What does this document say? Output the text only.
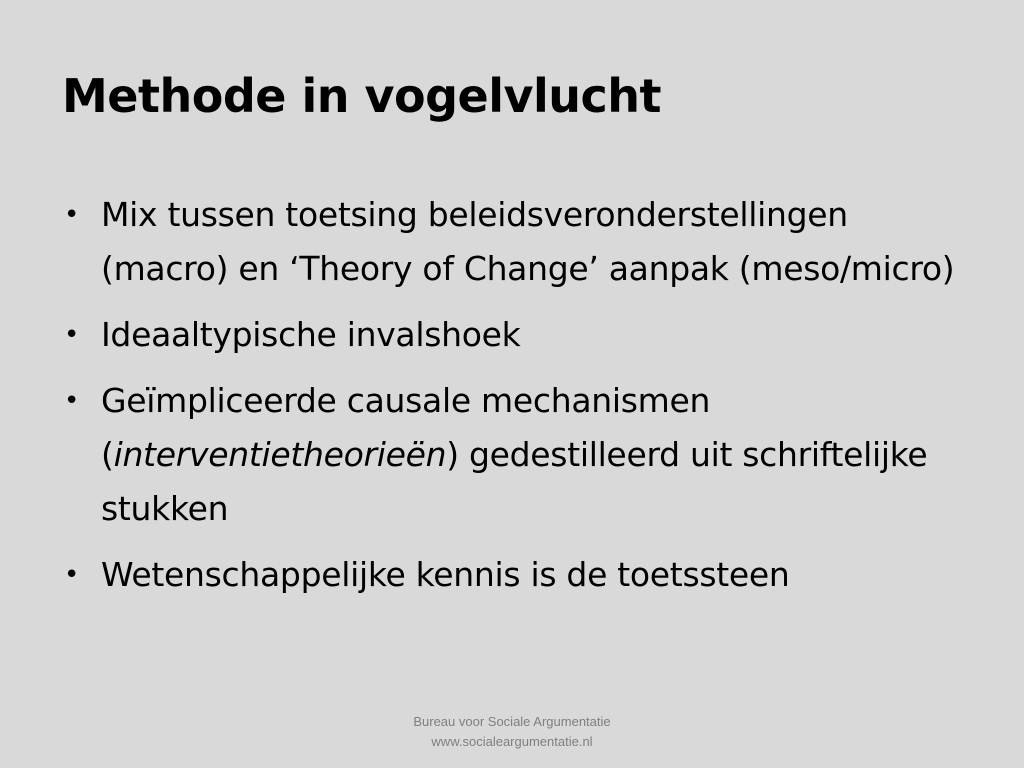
Methode in vogelvlucht
• Mix tussen toetsing beleidsveronderstellingen (macro) en ‘Theory of Change’ aanpak (meso/micro)
• Ideaaltypische invalshoek
• Geïmpliceerde causale mechanismen (interventietheorieën) gedestilleerd uit schriftelijke stukken
• Wetenschappelijke kennis is de toetssteen
Bureau voor Sociale Argumentatie
www.socialeargumentatie.nl
